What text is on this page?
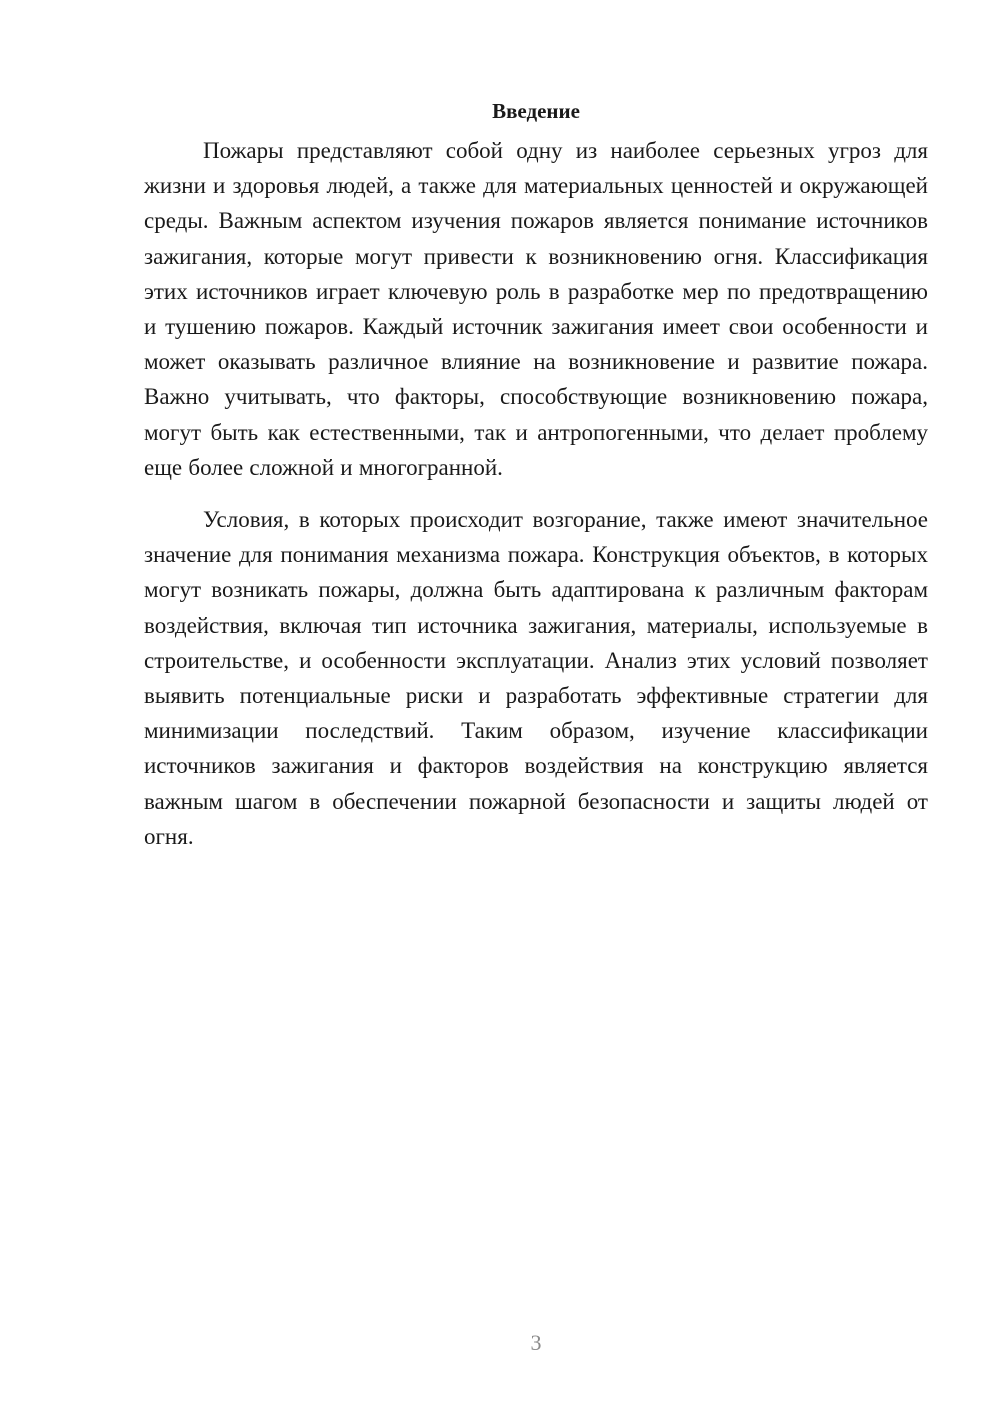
Введение

Пожары представляют собой одну из наиболее серьезных угроз для жизни и здоровья людей, а также для материальных ценностей и окружающей среды. Важным аспектом изучения пожаров является понимание источников зажигания, которые могут привести к возникновению огня. Классификация этих источников играет ключевую роль в разработке мер по предотвращению и тушению пожаров. Каждый источник зажигания имеет свои особенности и может оказывать различное влияние на возникновение и развитие пожара. Важно учитывать, что факторы, способствующие возникновению пожара, могут быть как естественными, так и антропогенными, что делает проблему еще более сложной и многогранной.

Условия, в которых происходит возгорание, также имеют значительное значение для понимания механизма пожара. Конструкция объектов, в которых могут возникать пожары, должна быть адаптирована к различным факторам воздействия, включая тип источника зажигания, материалы, используемые в строительстве, и особенности эксплуатации. Анализ этих условий позволяет выявить потенциальные риски и разработать эффективные стратегии для минимизации последствий. Таким образом, изучение классификации источников зажигания и факторов воздействия на конструкцию является важным шагом в обеспечении пожарной безопасности и защиты людей от огня.

3
